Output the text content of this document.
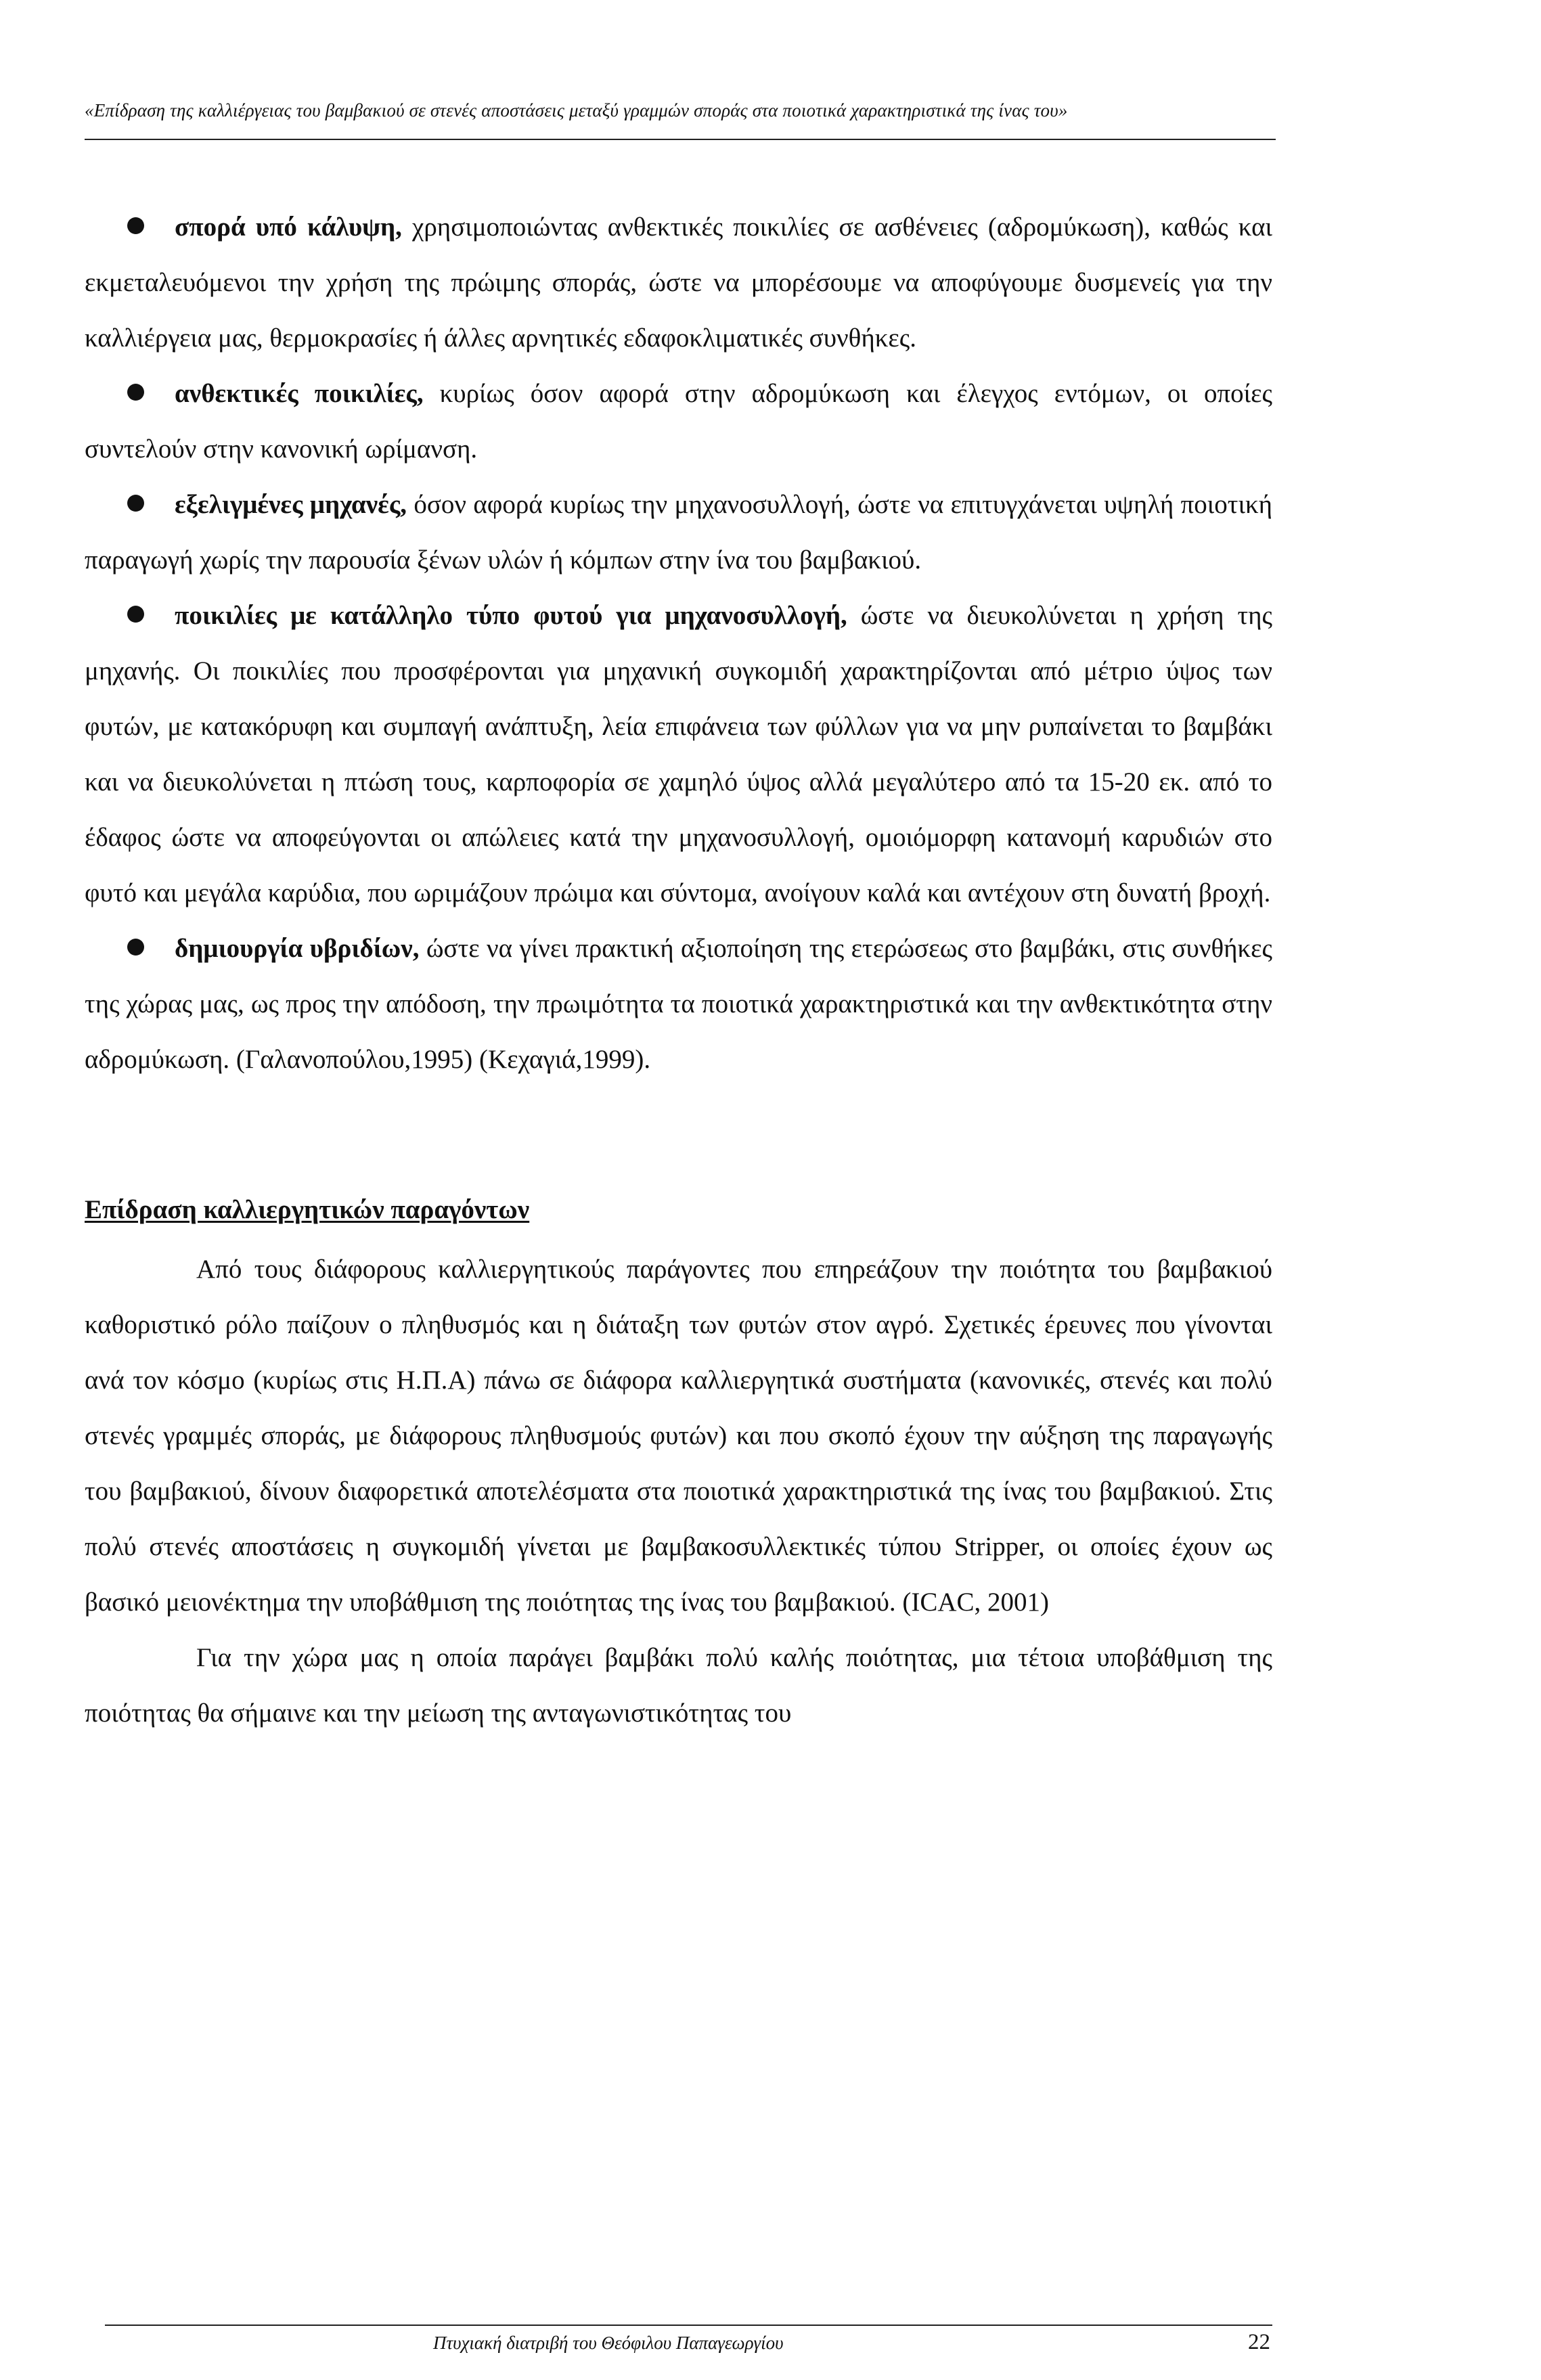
«Επίδραση της καλλιέργειας του βαμβακιού σε στενές αποστάσεις μεταξύ γραμμών σποράς στα ποιοτικά χαρακτηριστικά της ίνας του»

σπορά υπό κάλυψη, χρησιμοποιώντας ανθεκτικές ποικιλίες σε ασθένειες (αδρομύκωση), καθώς και εκμεταλευόμενοι την χρήση της πρώιμης σποράς, ώστε να μπορέσουμε να αποφύγουμε δυσμενείς για την καλλιέργεια μας, θερμοκρασίες ή άλλες αρνητικές εδαφοκλιματικές συνθήκες.

ανθεκτικές ποικιλίες, κυρίως όσον αφορά στην αδρομύκωση και έλεγχος εντόμων, οι οποίες συντελούν στην κανονική ωρίμανση.

εξελιγμένες μηχανές, όσον αφορά κυρίως την μηχανοσυλλογή, ώστε να επιτυγχάνεται υψηλή ποιοτική παραγωγή χωρίς την παρουσία ξένων υλών ή κόμπων στην ίνα του βαμβακιού.

ποικιλίες με κατάλληλο τύπο φυτού για μηχανοσυλλογή, ώστε να διευκολύνεται η χρήση της μηχανής. Οι ποικιλίες που προσφέρονται για μηχανική συγκομιδή χαρακτηρίζονται από μέτριο ύψος των φυτών, με κατακόρυφη και συμπαγή ανάπτυξη, λεία επιφάνεια των φύλλων για να μην ρυπαίνεται το βαμβάκι και να διευκολύνεται η πτώση τους, καρποφορία σε χαμηλό ύψος αλλά μεγαλύτερο από τα 15-20 εκ. από το έδαφος ώστε να αποφεύγονται οι απώλειες κατά την μηχανοσυλλογή, ομοιόμορφη κατανομή καρυδιών στο φυτό και μεγάλα καρύδια, που ωριμάζουν πρώιμα και σύντομα, ανοίγουν καλά και αντέχουν στη δυνατή βροχή.

δημιουργία υβριδίων, ώστε να γίνει πρακτική αξιοποίηση της ετερώσεως στο βαμβάκι, στις συνθήκες της χώρας μας, ως προς την απόδοση, την πρωιμότητα τα ποιοτικά χαρακτηριστικά και την ανθεκτικότητα στην αδρομύκωση. (Γαλανοπούλου,1995) (Κεχαγιά,1999).

Επίδραση καλλιεργητικών παραγόντων

Από τους διάφορους καλλιεργητικούς παράγοντες που επηρεάζουν την ποιότητα του βαμβακιού καθοριστικό ρόλο παίζουν ο πληθυσμός και η διάταξη των φυτών στον αγρό. Σχετικές έρευνες που γίνονται ανά τον κόσμο (κυρίως στις Η.Π.Α) πάνω σε διάφορα καλλιεργητικά συστήματα (κανονικές, στενές και πολύ στενές γραμμές σποράς, με διάφορους πληθυσμούς φυτών) και που σκοπό έχουν την αύξηση της παραγωγής του βαμβακιού, δίνουν διαφορετικά αποτελέσματα στα ποιοτικά χαρακτηριστικά της ίνας του βαμβακιού. Στις πολύ στενές αποστάσεις η συγκομιδή γίνεται με βαμβακοσυλλεκτικές τύπου Stripper, οι οποίες έχουν ως βασικό μειονέκτημα την υποβάθμιση της ποιότητας της ίνας του βαμβακιού. (ICAC, 2001)

Για την χώρα μας η οποία παράγει βαμβάκι πολύ καλής ποιότητας, μια τέτοια υποβάθμιση της ποιότητας θα σήμαινε και την μείωση της ανταγωνιστικότητας του

Πτυχιακή διατριβή του Θεόφιλου Παπαγεωργίου	22
